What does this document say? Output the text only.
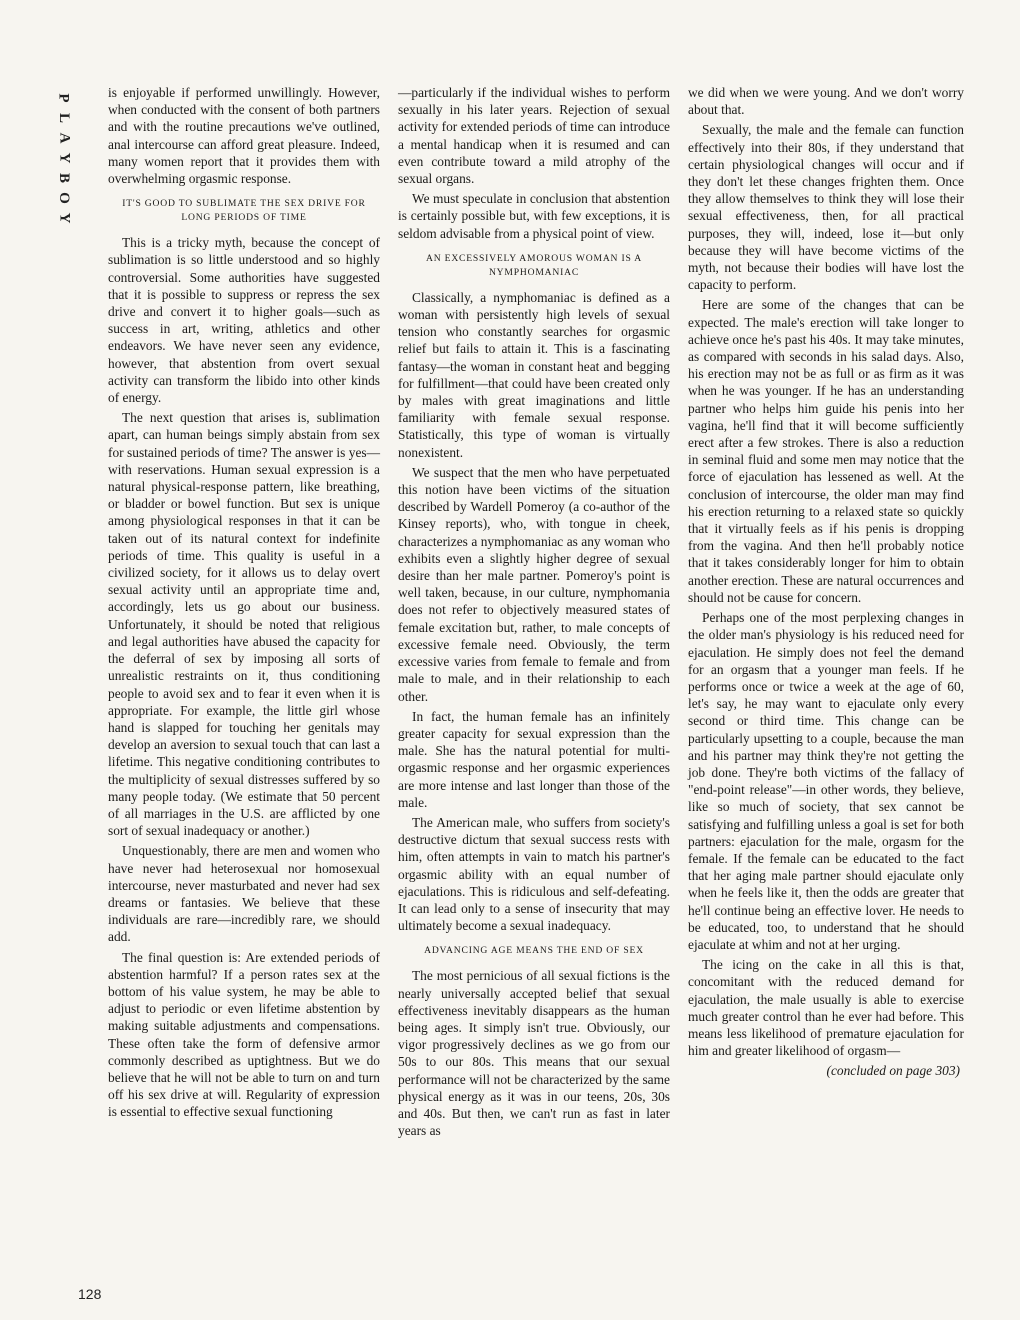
P
L
A
Y
B
O
Y

is enjoyable if performed unwillingly. However, when conducted with the consent of both partners and with the routine precautions we've outlined, anal intercourse can afford great pleasure. Indeed, many women report that it provides them with overwhelming orgasmic response.

IT'S GOOD TO SUBLIMATE THE SEX DRIVE FOR LONG PERIODS OF TIME

This is a tricky myth, because the concept of sublimation is so little understood and so highly controversial. Some authorities have suggested that it is possible to suppress or repress the sex drive and convert it to higher goals—such as success in art, writing, athletics and other endeavors. We have never seen any evidence, however, that abstention from overt sexual activity can transform the libido into other kinds of energy.

The next question that arises is, sublimation apart, can human beings simply abstain from sex for sustained periods of time? The answer is yes—with reservations. Human sexual expression is a natural physical-response pattern, like breathing, or bladder or bowel function. But sex is unique among physiological responses in that it can be taken out of its natural context for indefinite periods of time. This quality is useful in a civilized society, for it allows us to delay overt sexual activity until an appropriate time and, accordingly, lets us go about our business. Unfortunately, it should be noted that religious and legal authorities have abused the capacity for the deferral of sex by imposing all sorts of unrealistic restraints on it, thus conditioning people to avoid sex and to fear it even when it is appropriate. For example, the little girl whose hand is slapped for touching her genitals may develop an aversion to sexual touch that can last a lifetime. This negative conditioning contributes to the multiplicity of sexual distresses suffered by so many people today. (We estimate that 50 percent of all marriages in the U.S. are afflicted by one sort of sexual inadequacy or another.)

Unquestionably, there are men and women who have never had heterosexual nor homosexual intercourse, never masturbated and never had sex dreams or fantasies. We believe that these individuals are rare—incredibly rare, we should add.

The final question is: Are extended periods of abstention harmful? If a person rates sex at the bottom of his value system, he may be able to adjust to periodic or even lifetime abstention by making suitable adjustments and compensations. These often take the form of defensive armor commonly described as uptightness. But we do believe that he will not be able to turn on and turn off his sex drive at will. Regularity of expression is essential to effective sexual functioning

—particularly if the individual wishes to perform sexually in his later years. Rejection of sexual activity for extended periods of time can introduce a mental handicap when it is resumed and can even contribute toward a mild atrophy of the sexual organs.

We must speculate in conclusion that abstention is certainly possible but, with few exceptions, it is seldom advisable from a physical point of view.

AN EXCESSIVELY AMOROUS WOMAN IS A NYMPHOMANIAC

Classically, a nymphomaniac is defined as a woman with persistently high levels of sexual tension who constantly searches for orgasmic relief but fails to attain it. This is a fascinating fantasy—the woman in constant heat and begging for fulfillment—that could have been created only by males with great imaginations and little familiarity with female sexual response. Statistically, this type of woman is virtually nonexistent.

We suspect that the men who have perpetuated this notion have been victims of the situation described by Wardell Pomeroy (a co-author of the Kinsey reports), who, with tongue in cheek, characterizes a nymphomaniac as any woman who exhibits even a slightly higher degree of sexual desire than her male partner. Pomeroy's point is well taken, because, in our culture, nymphomania does not refer to objectively measured states of female excitation but, rather, to male concepts of excessive female need. Obviously, the term excessive varies from female to female and from male to male, and in their relationship to each other.

In fact, the human female has an infinitely greater capacity for sexual expression than the male. She has the natural potential for multi-orgasmic response and her orgasmic experiences are more intense and last longer than those of the male.

The American male, who suffers from society's destructive dictum that sexual success rests with him, often attempts in vain to match his partner's orgasmic ability with an equal number of ejaculations. This is ridiculous and self-defeating. It can lead only to a sense of insecurity that may ultimately become a sexual inadequacy.

ADVANCING AGE MEANS THE END OF SEX

The most pernicious of all sexual fictions is the nearly universally accepted belief that sexual effectiveness inevitably disappears as the human being ages. It simply isn't true. Obviously, our vigor progressively declines as we go from our 50s to our 80s. This means that our sexual performance will not be characterized by the same physical energy as it was in our teens, 20s, 30s and 40s. But then, we can't run as fast in later years as

we did when we were young. And we don't worry about that.

Sexually, the male and the female can function effectively into their 80s, if they understand that certain physiological changes will occur and if they don't let these changes frighten them. Once they allow themselves to think they will lose their sexual effectiveness, then, for all practical purposes, they will, indeed, lose it—but only because they will have become victims of the myth, not because their bodies will have lost the capacity to perform.

Here are some of the changes that can be expected. The male's erection will take longer to achieve once he's past his 40s. It may take minutes, as compared with seconds in his salad days. Also, his erection may not be as full or as firm as it was when he was younger. If he has an understanding partner who helps him guide his penis into her vagina, he'll find that it will become sufficiently erect after a few strokes. There is also a reduction in seminal fluid and some men may notice that the force of ejaculation has lessened as well. At the conclusion of intercourse, the older man may find his erection returning to a relaxed state so quickly that it virtually feels as if his penis is dropping from the vagina. And then he'll probably notice that it takes considerably longer for him to obtain another erection. These are natural occurrences and should not be cause for concern.

Perhaps one of the most perplexing changes in the older man's physiology is his reduced need for ejaculation. He simply does not feel the demand for an orgasm that a younger man feels. If he performs once or twice a week at the age of 60, let's say, he may want to ejaculate only every second or third time. This change can be particularly upsetting to a couple, because the man and his partner may think they're not getting the job done. They're both victims of the fallacy of "end-point release"—in other words, they believe, like so much of society, that sex cannot be satisfying and fulfilling unless a goal is set for both partners: ejaculation for the male, orgasm for the female. If the female can be educated to the fact that her aging male partner should ejaculate only when he feels like it, then the odds are greater that he'll continue being an effective lover. He needs to be educated, too, to understand that he should ejaculate at whim and not at her urging.

The icing on the cake in all this is that, concomitant with the reduced demand for ejaculation, the male usually is able to exercise much greater control than he ever had before. This means less likelihood of premature ejaculation for him and greater likelihood of orgasm—

(concluded on page 303)
128
